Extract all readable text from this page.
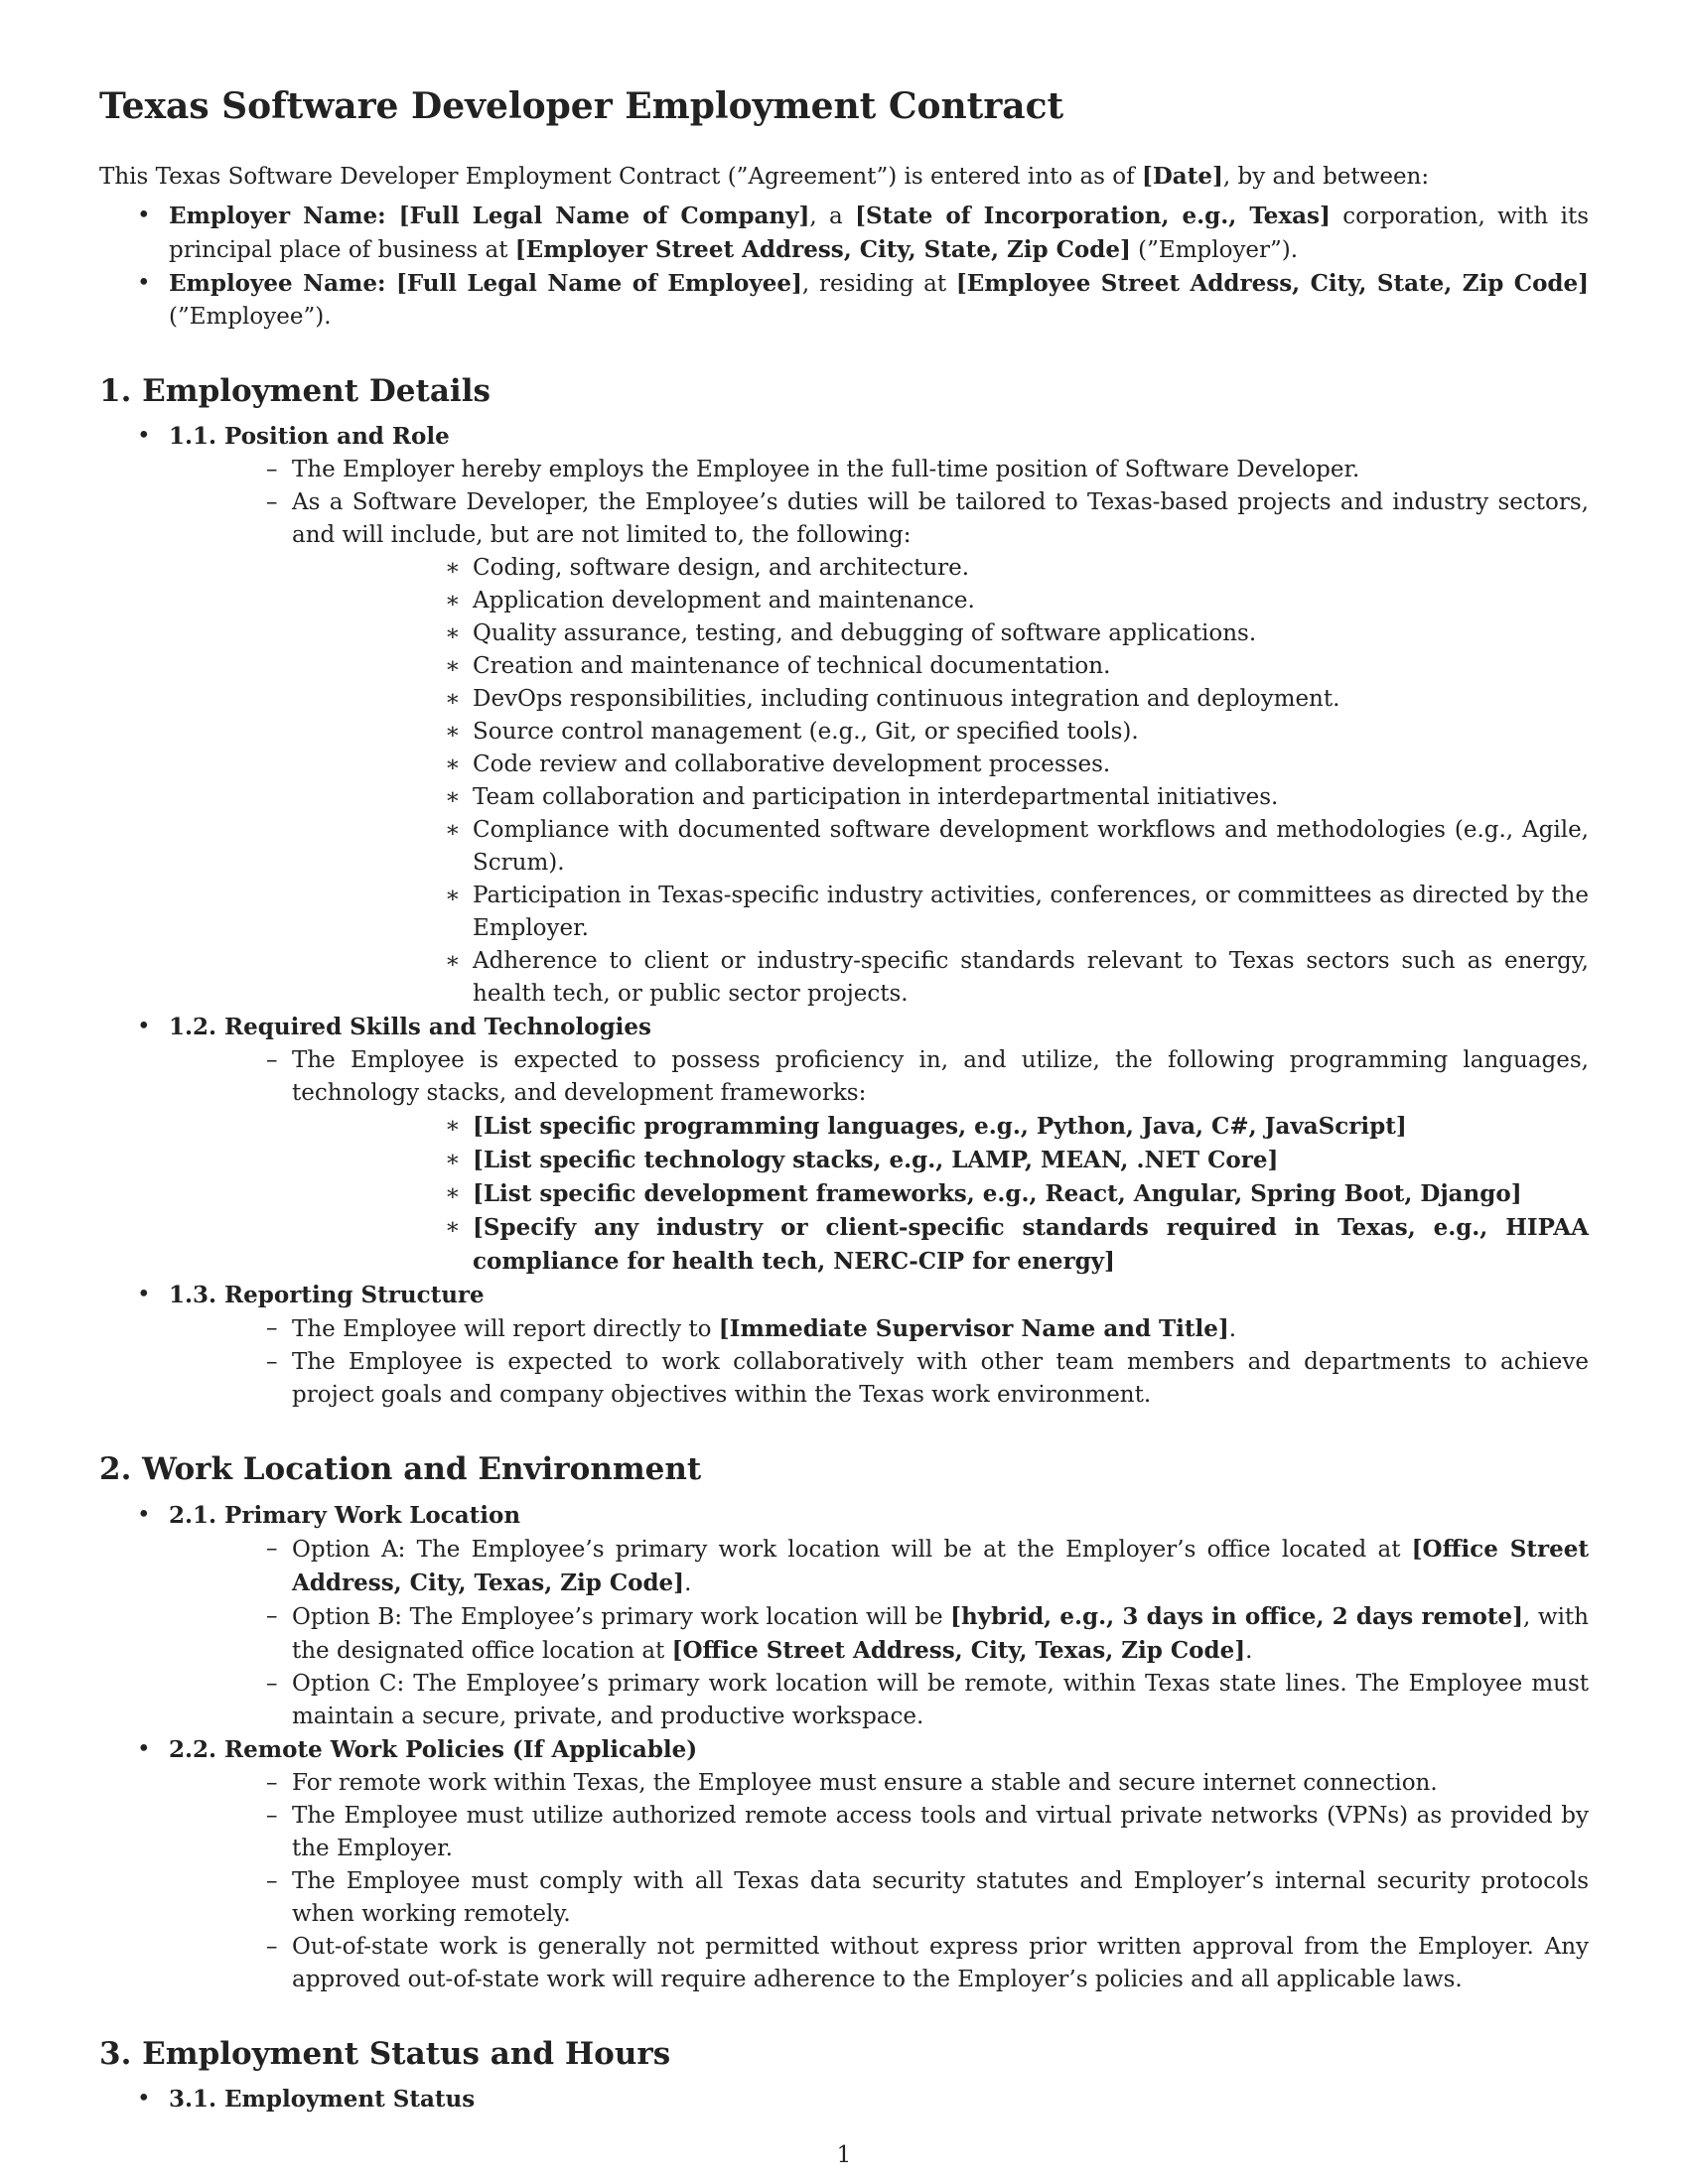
Texas Software Developer Employment Contract

This Texas Software Developer Employment Contract (”Agreement”) is entered into as of [Date], by and between:

• Employer Name: [Full Legal Name of Company], a [State of Incorporation, e.g., Texas] corporation, with its principal place of business at [Employer Street Address, City, State, Zip Code] (”Employer”).
• Employee Name: [Full Legal Name of Employee], residing at [Employee Street Address, City, State, Zip Code] (”Employee”).
1. Employment Details
• 1.1. Position and Role
– The Employer hereby employs the Employee in the full-time position of Software Developer.
– As a Software Developer, the Employee’s duties will be tailored to Texas-based projects and industry sectors, and will include, but are not limited to, the following:
∗ Coding, software design, and architecture.
∗ Application development and maintenance.
∗ Quality assurance, testing, and debugging of software applications.
∗ Creation and maintenance of technical documentation.
∗ DevOps responsibilities, including continuous integration and deployment.
∗ Source control management (e.g., Git, or specified tools).
∗ Code review and collaborative development processes.
∗ Team collaboration and participation in interdepartmental initiatives.
∗ Compliance with documented software development workflows and methodologies (e.g., Agile, Scrum).
∗ Participation in Texas-specific industry activities, conferences, or committees as directed by the Employer.
∗ Adherence to client or industry-specific standards relevant to Texas sectors such as energy, health tech, or public sector projects.
• 1.2. Required Skills and Technologies
– The Employee is expected to possess proficiency in, and utilize, the following programming languages, technology stacks, and development frameworks:
∗ [List specific programming languages, e.g., Python, Java, C#, JavaScript]
∗ [List specific technology stacks, e.g., LAMP, MEAN, .NET Core]
∗ [List specific development frameworks, e.g., React, Angular, Spring Boot, Django]
∗ [Specify any industry or client-specific standards required in Texas, e.g., HIPAA compliance for health tech, NERC-CIP for energy]
• 1.3. Reporting Structure
– The Employee will report directly to [Immediate Supervisor Name and Title].
– The Employee is expected to work collaboratively with other team members and departments to achieve project goals and company objectives within the Texas work environment.
2. Work Location and Environment
• 2.1. Primary Work Location
– Option A: The Employee’s primary work location will be at the Employer’s office located at [Office Street Address, City, Texas, Zip Code].
– Option B: The Employee’s primary work location will be [hybrid, e.g., 3 days in office, 2 days remote], with the designated office location at [Office Street Address, City, Texas, Zip Code].
– Option C: The Employee’s primary work location will be remote, within Texas state lines. The Employee must maintain a secure, private, and productive workspace.
• 2.2. Remote Work Policies (If Applicable)
– For remote work within Texas, the Employee must ensure a stable and secure internet connection.
– The Employee must utilize authorized remote access tools and virtual private networks (VPNs) as provided by the Employer.
– The Employee must comply with all Texas data security statutes and Employer’s internal security protocols when working remotely.
– Out-of-state work is generally not permitted without express prior written approval from the Employer. Any approved out-of-state work will require adherence to the Employer’s policies and all applicable laws.
3. Employment Status and Hours
• 3.1. Employment Status
1
